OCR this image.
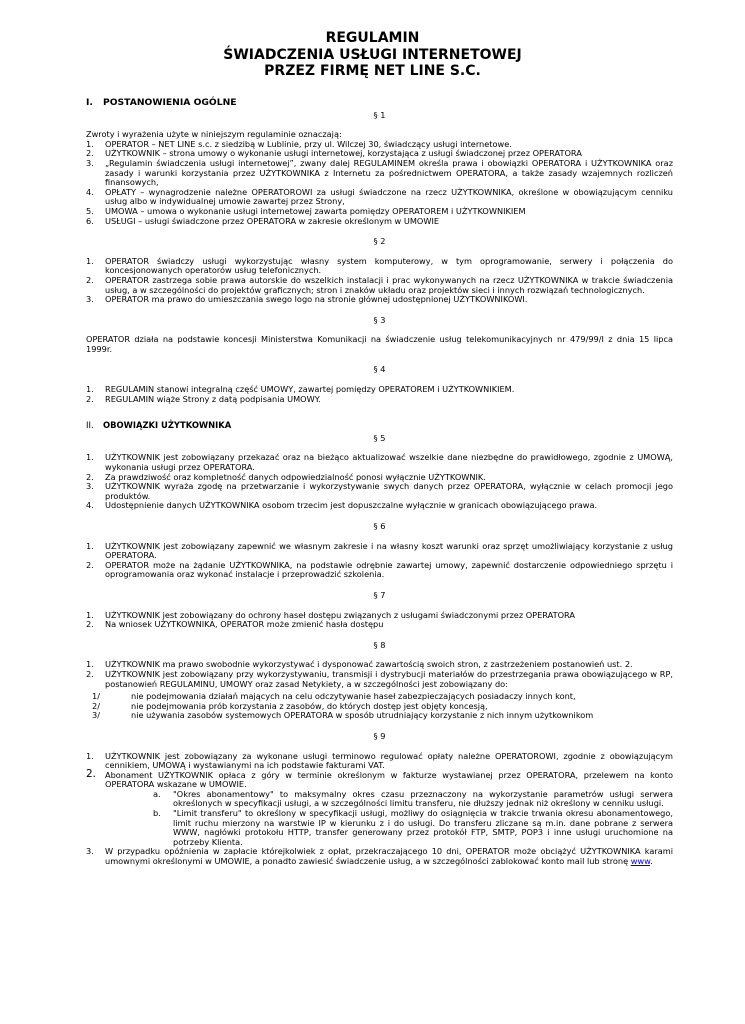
REGULAMIN
ŚWIADCZENIA USŁUGI INTERNETOWEJ
PRZEZ FIRMĘ NET LINE S.C.
I. POSTANOWIENIA OGÓLNE
§ 1

Zwroty i wyrażenia użyte w niniejszym regulaminie oznaczają:

1. OPERATOR – NET LINE s.c. z siedzibą w Lublinie, przy ul. Wilczej 30, świadczący usługi internetowe.
2. UŻYTKOWNIK – strona umowy o wykonanie usługi internetowej, korzystająca z usługi świadczonej przez OPERATORA
3. „Regulamin świadczenia usługi internetowej”, zwany dalej REGULAMINEM określa prawa i obowiązki OPERATORA i UŻYTKOWNIKA oraz zasady i warunki korzystania przez UŻYTKOWNIKA z Internetu za pośrednictwem OPERATORA, a także zasady wzajemnych rozliczeń finansowych,
4. OPŁATY – wynagrodzenie należne OPERATOROWI za usługi świadczone na rzecz UŻYTKOWNIKA, określone w obowiązującym cenniku usług albo w indywidualnej umowie zawartej przez Strony,
5. UMOWA – umowa o wykonanie usługi internetowej zawarta pomiędzy OPERATOREM i UŻYTKOWNIKIEM
6. USŁUGI – usługi świadczone przez OPERATORA w zakresie określonym w UMOWIE
§ 2
1. OPERATOR świadczy usługi wykorzystując własny system komputerowy, w tym oprogramowanie, serwery i połączenia do koncesjonowanych operatorów usług telefonicznych.
2. OPERATOR zastrzega sobie prawa autorskie do wszelkich instalacji i prac wykonywanych na rzecz UŻYTKOWNIKA w trakcie świadczenia usług, a w szczególności do projektów graficznych; stron i znaków układu oraz projektów sieci i innych rozwiązań technologicznych.
3. OPERATOR ma prawo do umieszczania swego logo na stronie głównej udostępnionej UŻYTKOWNIKOWI.
§ 3

OPERATOR działa na podstawie koncesji Ministerstwa Komunikacji na świadczenie usług telekomunikacyjnych nr 479/99/I z dnia 15 lipca 1999r.

§ 4
1. REGULAMIN stanowi integralną część UMOWY, zawartej pomiędzy OPERATOREM i UŻYTKOWNIKIEM.
2. REGULAMIN wiąże Strony z datą podpisania UMOWY.
II. OBOWIĄZKI UŻYTKOWNIKA
§ 5
1. UŻYTKOWNIK jest zobowiązany przekazać oraz na bieżąco aktualizować wszelkie dane niezbędne do prawidłowego, zgodnie z UMOWĄ, wykonania usługi przez OPERATORA.
2. Za prawdziwość oraz kompletność danych odpowiedzialność ponosi wyłącznie UŻYTKOWNIK.
3. UŻYTKOWNIK wyraża zgodę na przetwarzanie i wykorzystywanie swych danych przez OPERATORA, wyłącznie w celach promocji jego produktów.
4. Udostępnienie danych UŻYTKOWNIKA osobom trzecim jest dopuszczalne wyłącznie w granicach obowiązującego prawa.
§ 6
1. UŻYTKOWNIK jest zobowiązany zapewnić we własnym zakresie i na własny koszt warunki oraz sprzęt umożliwiający korzystanie z usług OPERATORA.
2. OPERATOR może na żądanie UŻYTKOWNIKA, na podstawie odrębnie zawartej umowy, zapewnić dostarczenie odpowiedniego sprzętu i oprogramowania oraz wykonać instalacje i przeprowadzić szkolenia.
§ 7
1. UŻYTKOWNIK jest zobowiązany do ochrony haseł dostępu związanych z usługami świadczonymi przez OPERATORA
2. Na wniosek UŻYTKOWNIKA, OPERATOR może zmienić hasła dostępu
§ 8
1. UŻYTKOWNIK ma prawo swobodnie wykorzystywać i dysponować zawartością swoich stron, z zastrzeżeniem postanowień ust. 2.
2. UŻYTKOWNIK jest zobowiązany przy wykorzystywaniu, transmisji i dystrybucji materiałów do przestrzegania prawa obowiązującego w RP, postanowień REGULAMINU, UMOWY oraz zasad Netykiety, a w szczególności jest zobowiązany do:
1/	nie podejmowania działań mających na celu odczytywanie haseł zabezpieczających posiadaczy innych kont,
2/	nie podejmowania prób korzystania z zasobów, do których dostęp jest objęty koncesją,
3/	nie używania zasobów systemowych OPERATORA w sposób utrudniający korzystanie z nich innym użytkownikom
§ 9
1. UŻYTKOWNIK jest zobowiązany za wykonane usługi terminowo regulować opłaty należne OPERATOROWI, zgodnie z obowiązującym cennikiem, UMOWĄ i wystawianymi na ich podstawie fakturami VAT.
2. Abonament UŻYTKOWNIK opłaca z góry w terminie określonym w fakturze wystawianej przez OPERATORA, przelewem na konto OPERATORA wskazane w UMOWIE.
a. "Okres abonamentowy" to maksymalny okres czasu przeznaczony na wykorzystanie parametrów usługi serwera określonych w specyfikacji usługi, a w szczególności limitu transferu, nie dłuższy jednak niż określony w cenniku usługi.
b. "Limit transferu" to określony w specyfikacji usługi, możliwy do osiągnięcia w trakcie trwania okresu abonamentowego, limit ruchu mierzony na warstwie IP w kierunku z i do usługi. Do transferu zliczane są m.in. dane pobrane z serwera WWW, nagłówki protokołu HTTP, transfer generowany przez protokół FTP, SMTP, POP3 i inne usługi uruchomione na potrzeby Klienta.
3. W przypadku opóźnienia w zapłacie którejkolwiek z opłat, przekraczającego 10 dni, OPERATOR może obciążyć UŻYTKOWNIKA karami umownymi określonymi w UMOWIE, a ponadto zawiesić świadczenie usług, a w szczególności zablokować konto mail lub stronę www.
